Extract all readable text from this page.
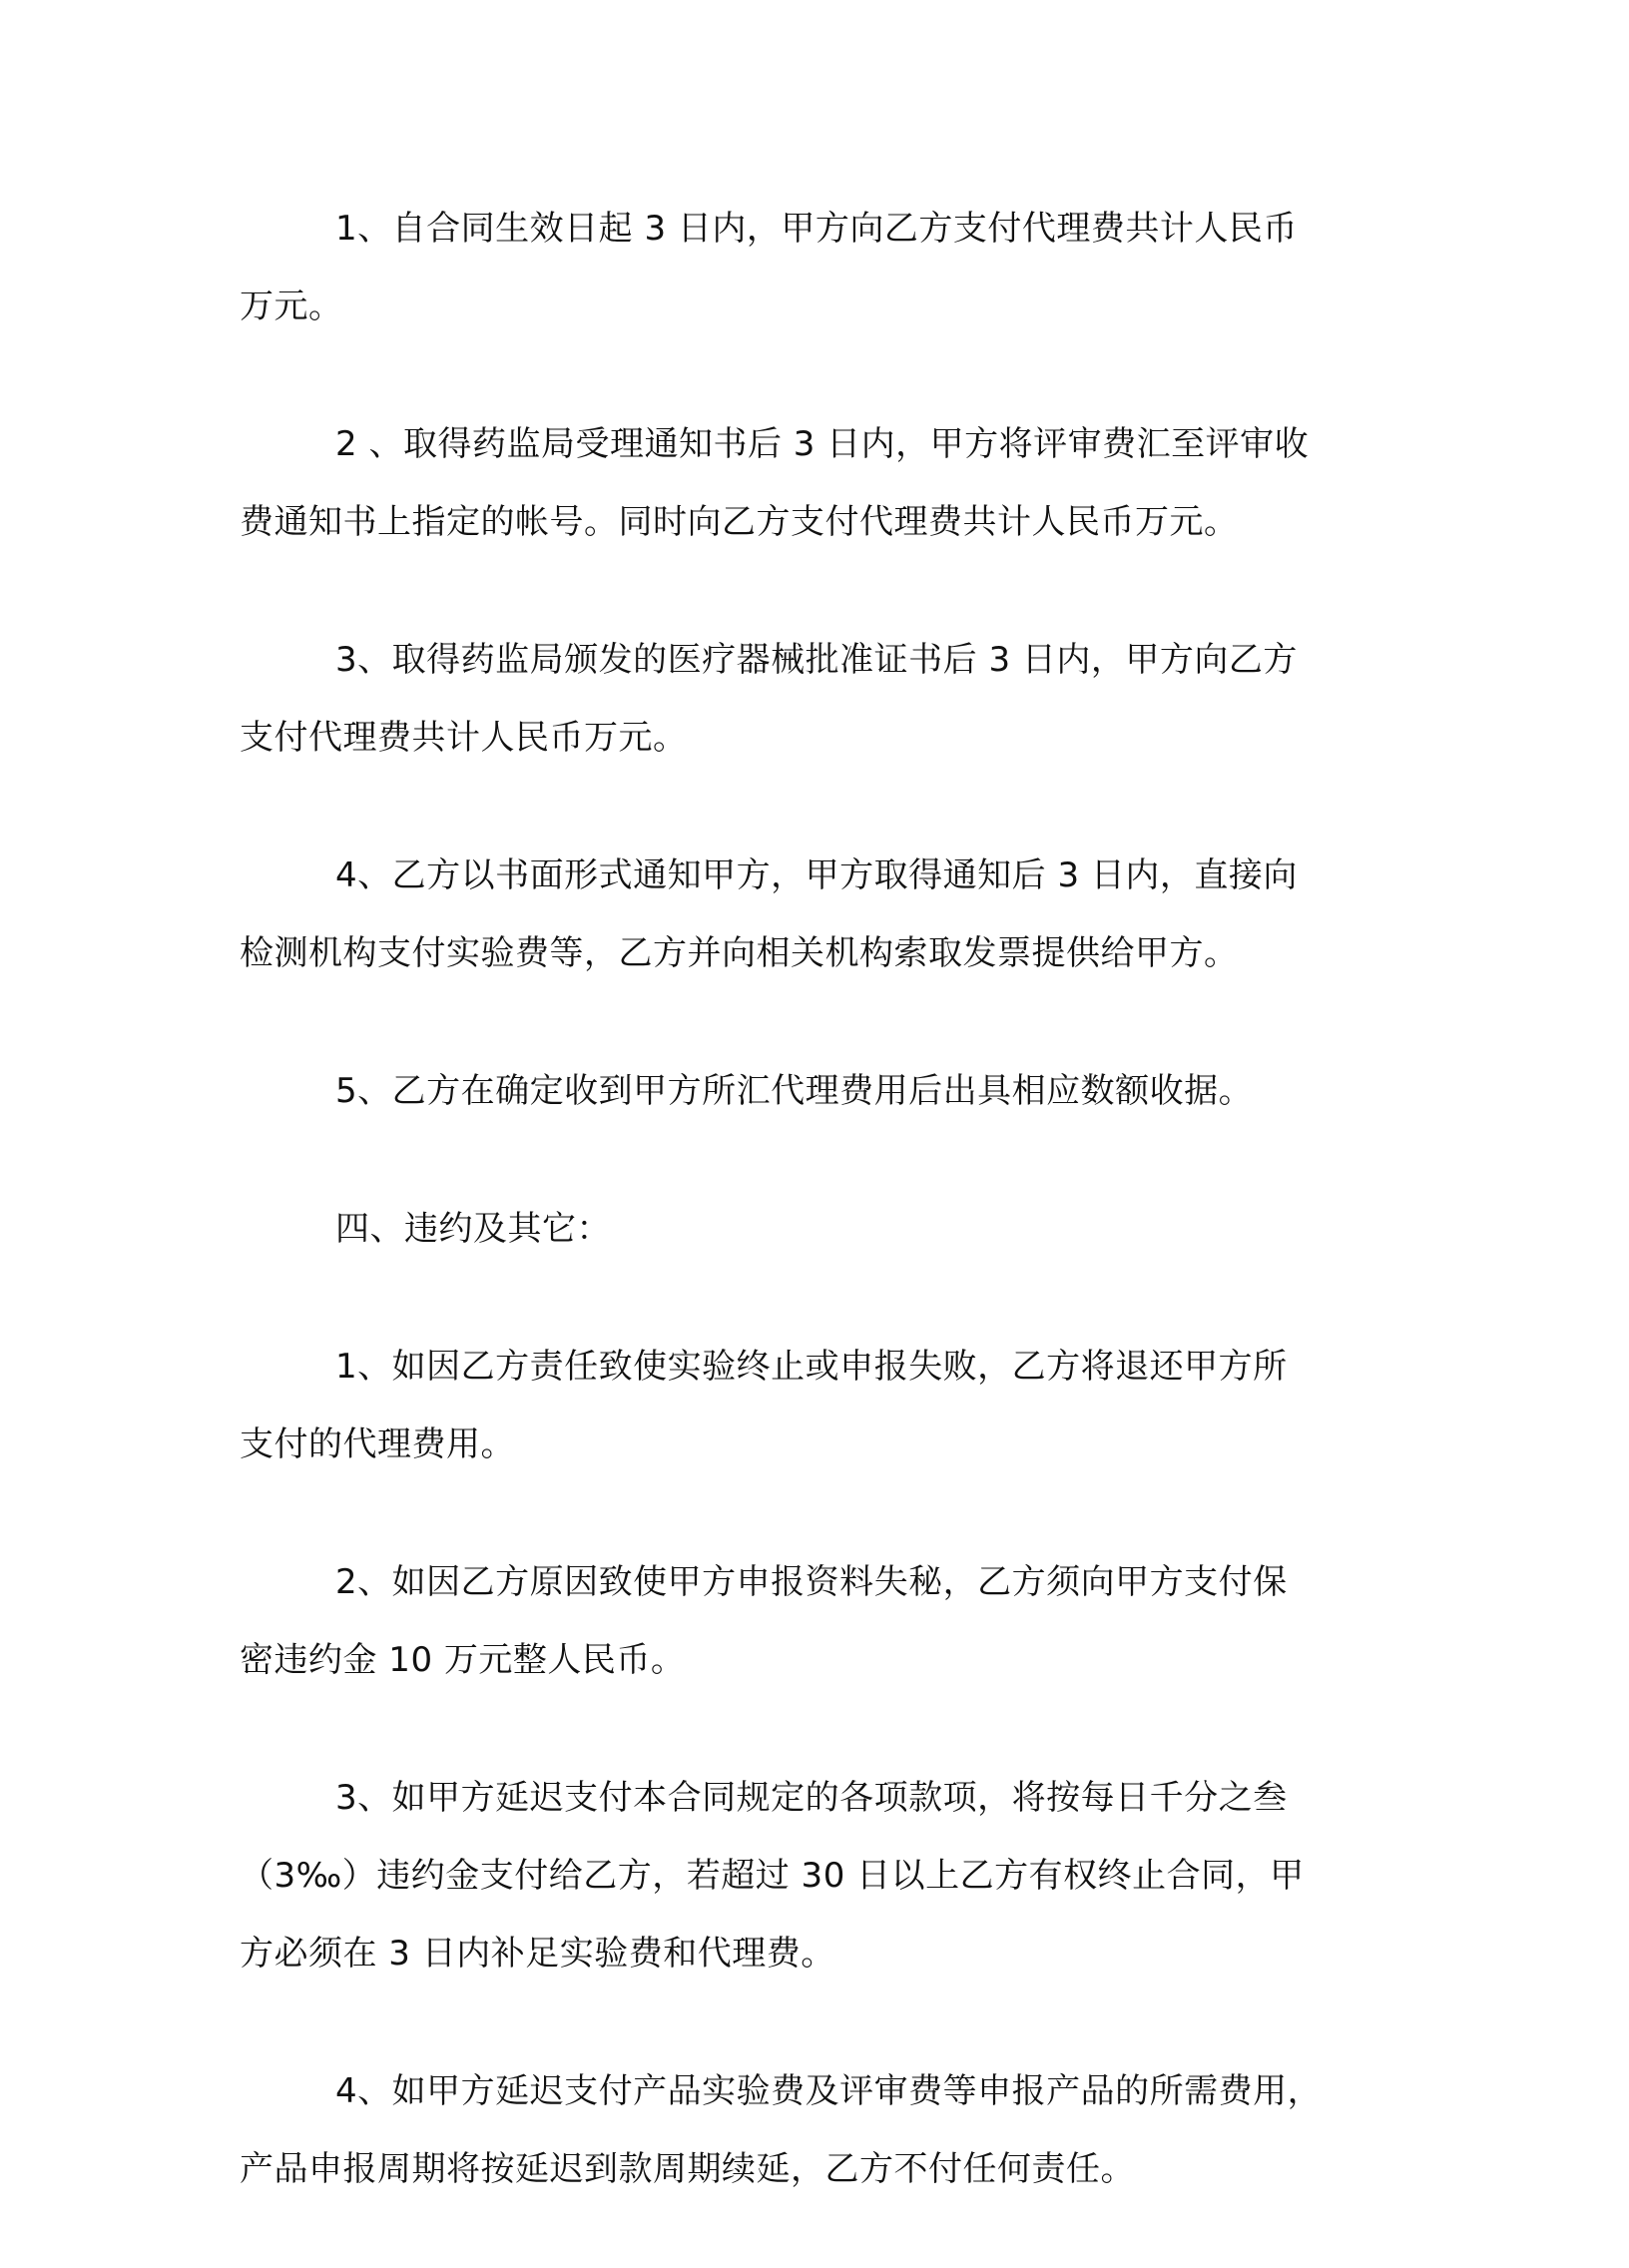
1、自合同生效日起 3 日内，甲方向乙方支付代理费共计人民币
万元。
2 、取得药监局受理通知书后 3 日内，甲方将评审费汇至评审收
费通知书上指定的帐号。同时向乙方支付代理费共计人民币万元。
3、取得药监局颁发的医疗器械批准证书后 3 日内，甲方向乙方
支付代理费共计人民币万元。
4、乙方以书面形式通知甲方，甲方取得通知后 3 日内，直接向
检测机构支付实验费等，乙方并向相关机构索取发票提供给甲方。
5、乙方在确定收到甲方所汇代理费用后出具相应数额收据。
四、违约及其它：
1、如因乙方责任致使实验终止或申报失败，乙方将退还甲方所
支付的代理费用。
2、如因乙方原因致使甲方申报资料失秘，乙方须向甲方支付保
密违约金 10 万元整人民币。
3、如甲方延迟支付本合同规定的各项款项，将按每日千分之叁
（3‰）违约金支付给乙方，若超过 30 日以上乙方有权终止合同，甲
方必须在 3 日内补足实验费和代理费。
4、如甲方延迟支付产品实验费及评审费等申报产品的所需费用，
产品申报周期将按延迟到款周期续延，乙方不付任何责任。
